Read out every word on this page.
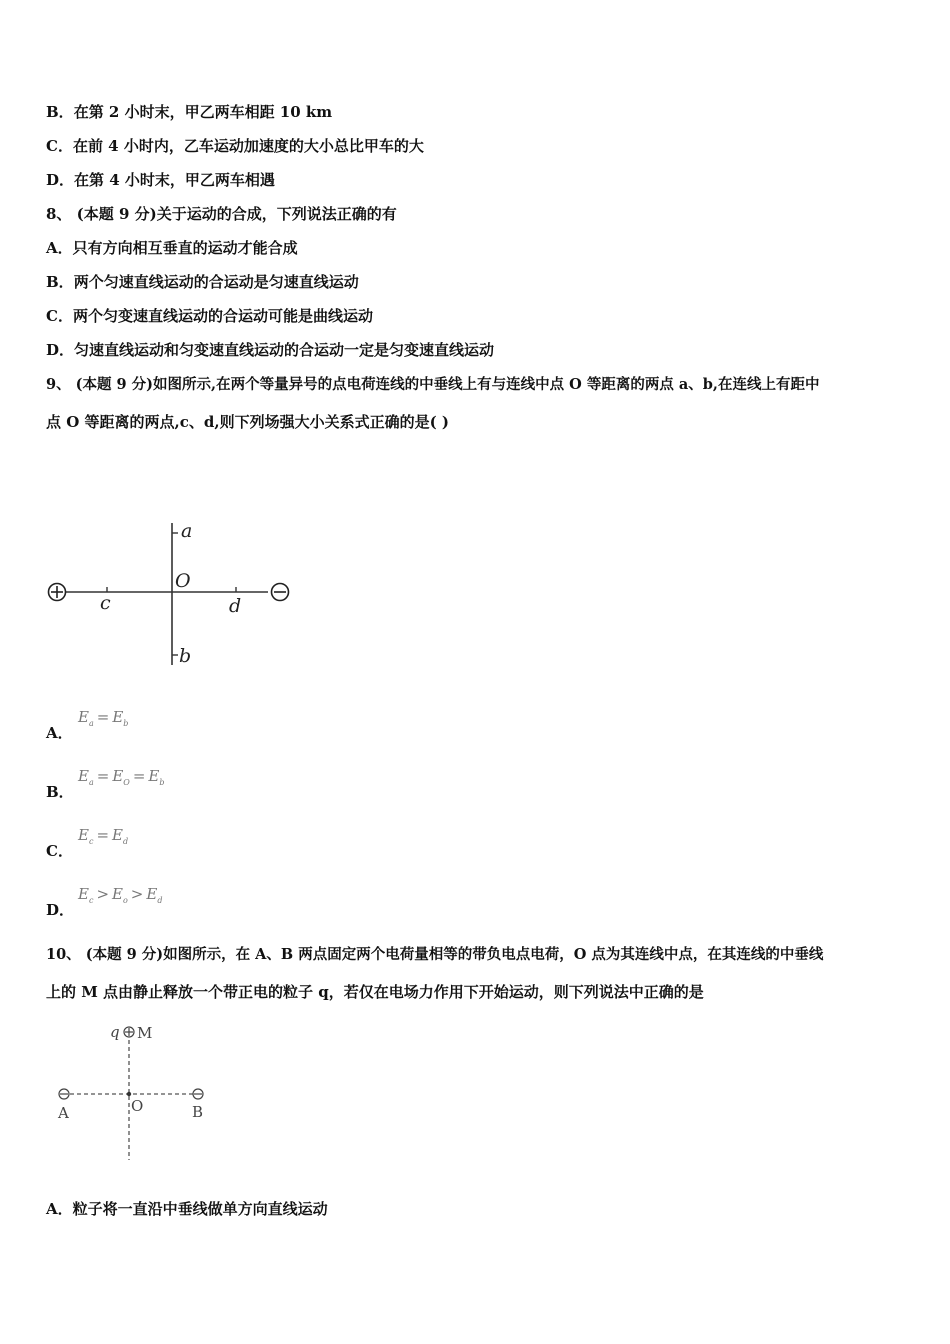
B．在第 2 小时末，甲乙两车相距 10 km
C．在前 4 小时内，乙车运动加速度的大小总比甲车的大
D．在第 4 小时末，甲乙两车相遇
8、 (本题 9 分)关于运动的合成，下列说法正确的有
A．只有方向相互垂直的运动才能合成
B．两个匀速直线运动的合运动是匀速直线运动
C．两个匀变速直线运动的合运动可能是曲线运动
D．匀速直线运动和匀变速直线运动的合运动一定是匀变速直线运动
9、 (本题 9 分)如图所示,在两个等量异号的点电荷连线的中垂线上有与连线中点 O 等距离的两点 a、b,在连线上有距中
点 O 等距离的两点,c、d,则下列场强大小关系式正确的是( )
a
O
c	d
b
A．
$E_a = E_b$
B．
$E_a = E_O = E_b$
C．
$E_c = E_d$
D．
$E_c > E_o > E_d$
10、 (本题 9 分)如图所示，在 A、B 两点固定两个电荷量相等的带负电点电荷，O 点为其连线中点，在其连线的中垂线
上的 M 点由静止释放一个带正电的粒子 q，若仅在电场力作用下开始运动，则下列说法中正确的是
q M
A	O	B
A．粒子将一直沿中垂线做单方向直线运动
